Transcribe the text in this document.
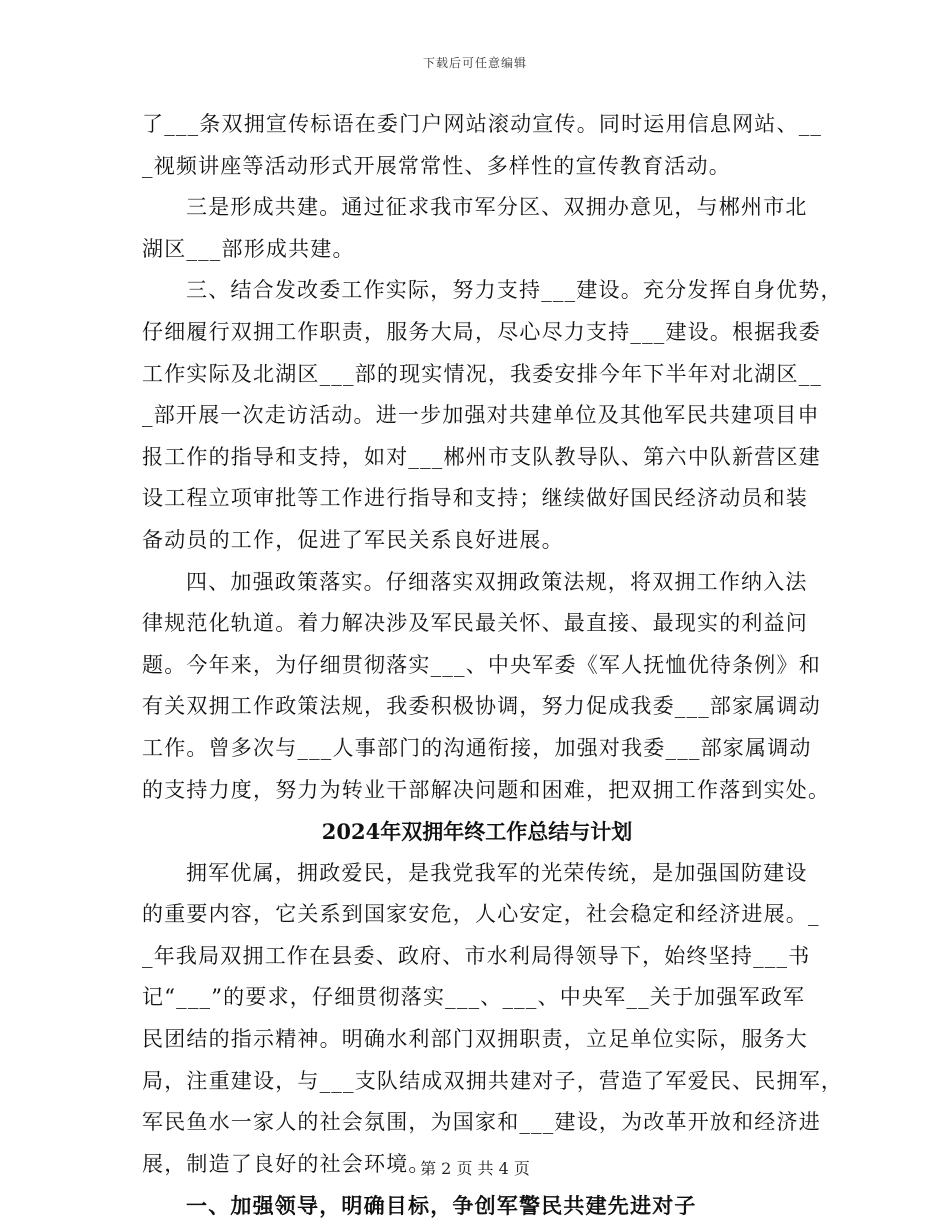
下载后可任意编辑
了___条双拥宣传标语在委门户网站滚动宣传。同时运用信息网站、__
_视频讲座等活动形式开展常常性、多样性的宣传教育活动。
三是形成共建。通过征求我市军分区、双拥办意见，与郴州市北
湖区___部形成共建。
三、结合发改委工作实际，努力支持___建设。充分发挥自身优势，
仔细履行双拥工作职责，服务大局，尽心尽力支持___建设。根据我委
工作实际及北湖区___部的现实情况，我委安排今年下半年对北湖区__
_部开展一次走访活动。进一步加强对共建单位及其他军民共建项目申
报工作的指导和支持，如对___郴州市支队教导队、第六中队新营区建
设工程立项审批等工作进行指导和支持；继续做好国民经济动员和装
备动员的工作，促进了军民关系良好进展。
四、加强政策落实。仔细落实双拥政策法规，将双拥工作纳入法
律规范化轨道。着力解决涉及军民最关怀、最直接、最现实的利益问
题。今年来，为仔细贯彻落实___、中央军委《军人抚恤优待条例》和
有关双拥工作政策法规，我委积极协调，努力促成我委___部家属调动
工作。曾多次与___人事部门的沟通衔接，加强对我委___部家属调动
的支持力度，努力为转业干部解决问题和困难，把双拥工作落到实处。
2024年双拥年终工作总结与计划
拥军优属，拥政爱民，是我党我军的光荣传统，是加强国防建设
的重要内容，它关系到国家安危，人心安定，社会稳定和经济进展。_
_年我局双拥工作在县委、政府、市水利局得领导下，始终坚持___书
记“___”的要求，仔细贯彻落实___、___、中央军__关于加强军政军
民团结的指示精神。明确水利部门双拥职责，立足单位实际，服务大
局，注重建设，与___支队结成双拥共建对子，营造了军爱民、民拥军，
军民鱼水一家人的社会氛围，为国家和___建设，为改革开放和经济进
展，制造了良好的社会环境。
一、加强领导，明确目标，争创军警民共建先进对子
第 2 页 共 4 页
